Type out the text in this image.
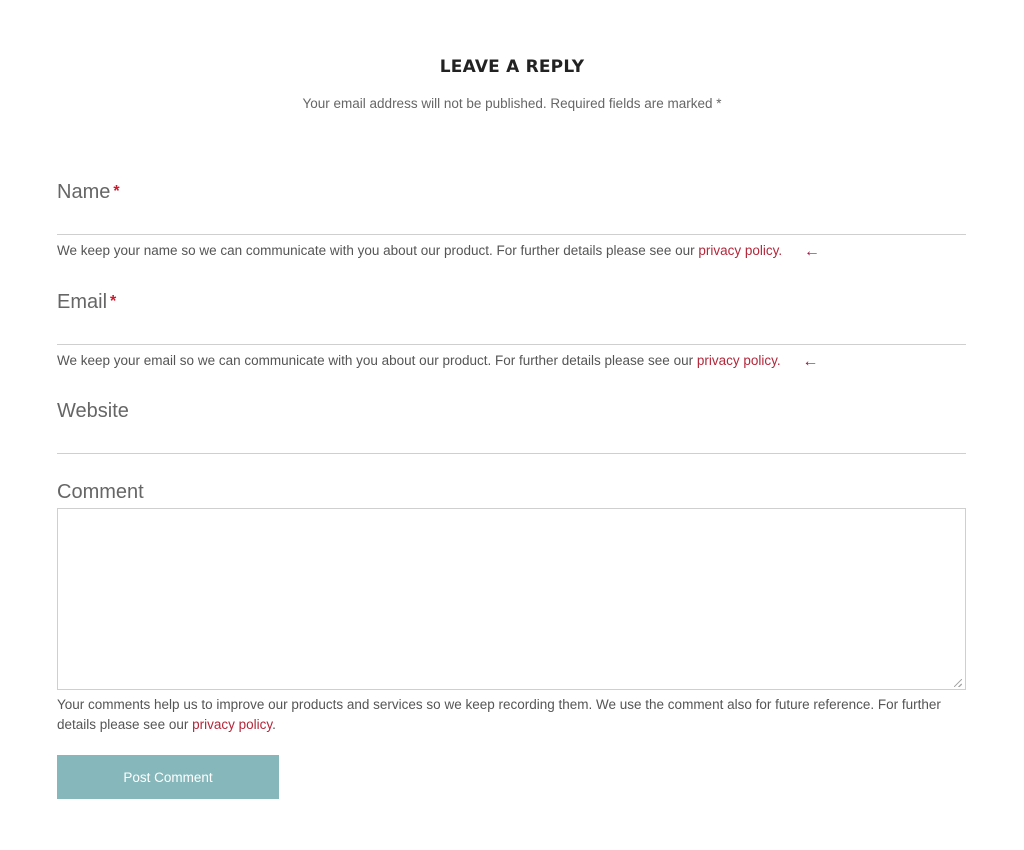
LEAVE A REPLY

Your email address will not be published. Required fields are marked *

Name *
We keep your name so we can communicate with you about our product. For further details please see our privacy policy. ←
Email *
We keep your email so we can communicate with you about our product. For further details please see our privacy policy. ←
Website
Comment
Your comments help us to improve our products and services so we keep recording them. We use the comment also for future reference. For further details please see our privacy policy.
Post Comment
